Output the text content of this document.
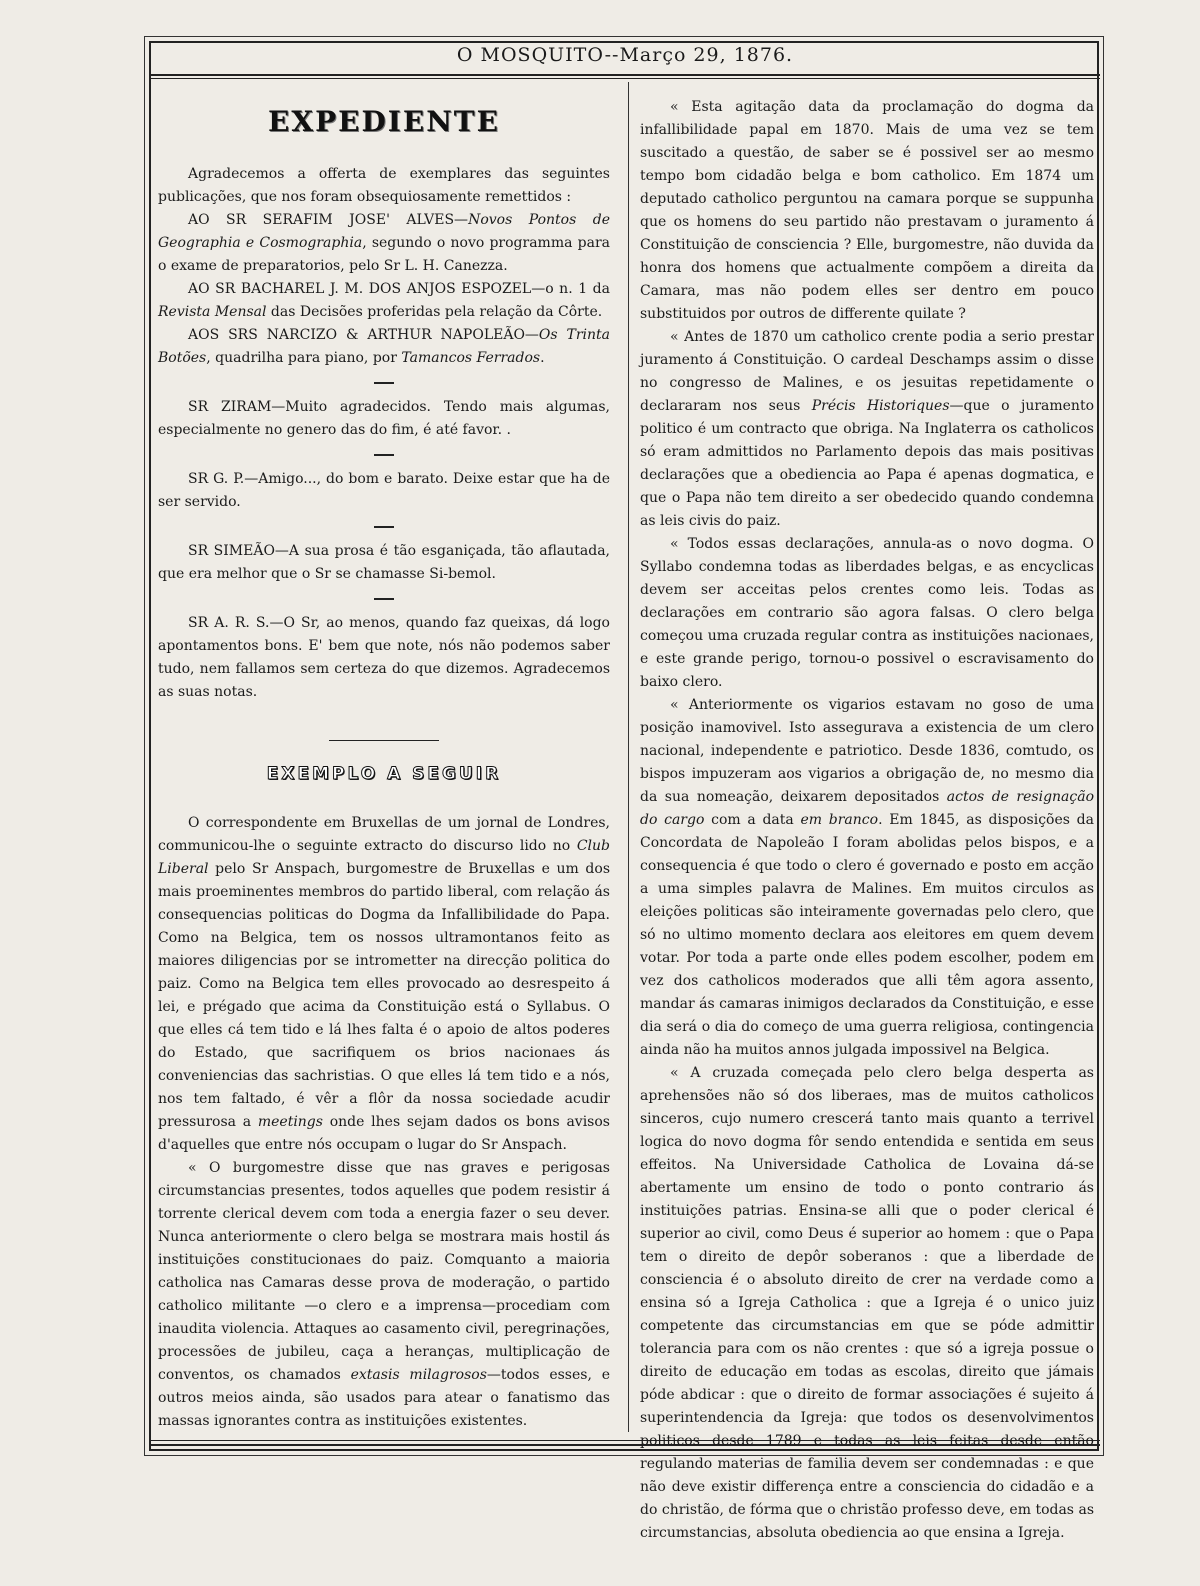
O MOSQUITO--Março 29, 1876.
EXPEDIENTE

Agradecemos a offerta de exemplares das seguintes publicações, que nos foram obsequiosamente remettidos :

AO SR SERAFIM JOSE' ALVES—Novos Pontos de Geographia e Cosmographia, segundo o novo programma para o exame de preparatorios, pelo Sr L. H. Canezza.

AO SR BACHAREL J. M. DOS ANJOS ESPOZEL—o n. 1 da Revista Mensal das Decisões proferidas pela relação da Côrte.

AOS SRS NARCIZO & ARTHUR NAPOLEÃO—Os Trinta Botões, quadrilha para piano, por Tamancos Ferrados.

SR ZIRAM—Muito agradecidos. Tendo mais algumas, especialmente no genero das do fim, é até favor. .

SR G. P.—Amigo..., do bom e barato. Deixe estar que ha de ser servido.

SR SIMEÃO—A sua prosa é tão esganiçada, tão aflautada, que era melhor que o Sr se chamasse Si-bemol.

SR A. R. S.—O Sr, ao menos, quando faz queixas, dá logo apontamentos bons. E' bem que note, nós não podemos saber tudo, nem fallamos sem certeza do que dizemos. Agradecemos as suas notas.

EXEMPLO A SEGUIR

O correspondente em Bruxellas de um jornal de Londres, communicou-lhe o seguinte extracto do discurso lido no Club Liberal pelo Sr Anspach, burgomestre de Bruxellas e um dos mais proeminentes membros do partido liberal, com relação ás consequencias politicas do Dogma da Infallibilidade do Papa. Como na Belgica, tem os nossos ultramontanos feito as maiores diligencias por se intrometter na direcção politica do paiz. Como na Belgica tem elles provocado ao desrespeito á lei, e prégado que acima da Constituição está o Syllabus. O que elles cá tem tido e lá lhes falta é o apoio de altos poderes do Estado, que sacrifiquem os brios nacionaes ás conveniencias das sachristias. O que elles lá tem tido e a nós, nos tem faltado, é vêr a flôr da nossa sociedade acudir pressurosa a meetings onde lhes sejam dados os bons avisos d'aquelles que entre nós occupam o lugar do Sr Anspach.

« O burgomestre disse que nas graves e perigosas circumstancias presentes, todos aquelles que podem resistir á torrente clerical devem com toda a energia fazer o seu dever. Nunca anteriormente o clero belga se mostrara mais hostil ás instituições constitucionaes do paiz. Comquanto a maioria catholica nas Camaras desse prova de moderação, o partido catholico militante —o clero e a imprensa—procediam com inaudita violencia. Attaques ao casamento civil, peregrinações, processões de jubileu, caça a heranças, multiplicação de conventos, os chamados extasis milagrosos—todos esses, e outros meios ainda, são usados para atear o fanatismo das massas ignorantes contra as instituições existentes.

« Esta agitação data da proclamação do dogma da infallibilidade papal em 1870. Mais de uma vez se tem suscitado a questão, de saber se é possivel ser ao mesmo tempo bom cidadão belga e bom catholico. Em 1874 um deputado catholico perguntou na camara porque se suppunha que os homens do seu partido não prestavam o juramento á Constituição de consciencia ? Elle, burgomestre, não duvida da honra dos homens que actualmente compõem a direita da Camara, mas não podem elles ser dentro em pouco substituidos por outros de differente quilate ?

« Antes de 1870 um catholico crente podia a serio prestar juramento á Constituição. O cardeal Deschamps assim o disse no congresso de Malines, e os jesuitas repetidamente o declararam nos seus Précis Historiques—que o juramento politico é um contracto que obriga. Na Inglaterra os catholicos só eram admittidos no Parlamento depois das mais positivas declarações que a obediencia ao Papa é apenas dogmatica, e que o Papa não tem direito a ser obedecido quando condemna as leis civis do paiz.

« Todos essas declarações, annula-as o novo dogma. O Syllabo condemna todas as liberdades belgas, e as encyclicas devem ser acceitas pelos crentes como leis. Todas as declarações em contrario são agora falsas. O clero belga começou uma cruzada regular contra as instituições nacionaes, e este grande perigo, tornou-o possivel o escravisamento do baixo clero.

« Anteriormente os vigarios estavam no goso de uma posição inamovivel. Isto assegurava a existencia de um clero nacional, independente e patriotico. Desde 1836, comtudo, os bispos impuzeram aos vigarios a obrigação de, no mesmo dia da sua nomeação, deixarem depositados actos de resignação do cargo com a data em branco. Em 1845, as disposições da Concordata de Napoleão I foram abolidas pelos bispos, e a consequencia é que todo o clero é governado e posto em acção a uma simples palavra de Malines. Em muitos circulos as eleições politicas são inteiramente governadas pelo clero, que só no ultimo momento declara aos eleitores em quem devem votar. Por toda a parte onde elles podem escolher, podem em vez dos catholicos moderados que alli têm agora assento, mandar ás camaras inimigos declarados da Constituição, e esse dia será o dia do começo de uma guerra religiosa, contingencia ainda não ha muitos annos julgada impossivel na Belgica.

« A cruzada começada pelo clero belga desperta as aprehensões não só dos liberaes, mas de muitos catholicos sinceros, cujo numero crescerá tanto mais quanto a terrivel logica do novo dogma fôr sendo entendida e sentida em seus effeitos. Na Universidade Catholica de Lovaina dá-se abertamente um ensino de todo o ponto contrario ás instituições patrias. Ensina-se alli que o poder clerical é superior ao civil, como Deus é superior ao homem : que o Papa tem o direito de depôr soberanos : que a liberdade de consciencia é o absoluto direito de crer na verdade como a ensina só a Igreja Catholica : que a Igreja é o unico juiz competente das circumstancias em que se póde admittir tolerancia para com os não crentes : que só a igreja possue o direito de educação em todas as escolas, direito que jámais póde abdicar : que o direito de formar associações é sujeito á superintendencia da Igreja: que todos os desenvolvimentos politicos desde 1789 e todas as leis feitas desde então regulando materias de familia devem ser condemnadas : e que não deve existir differença entre a consciencia do cidadão e a do christão, de fórma que o christão professo deve, em todas as circumstancias, absoluta obediencia ao que ensina a Igreja.
